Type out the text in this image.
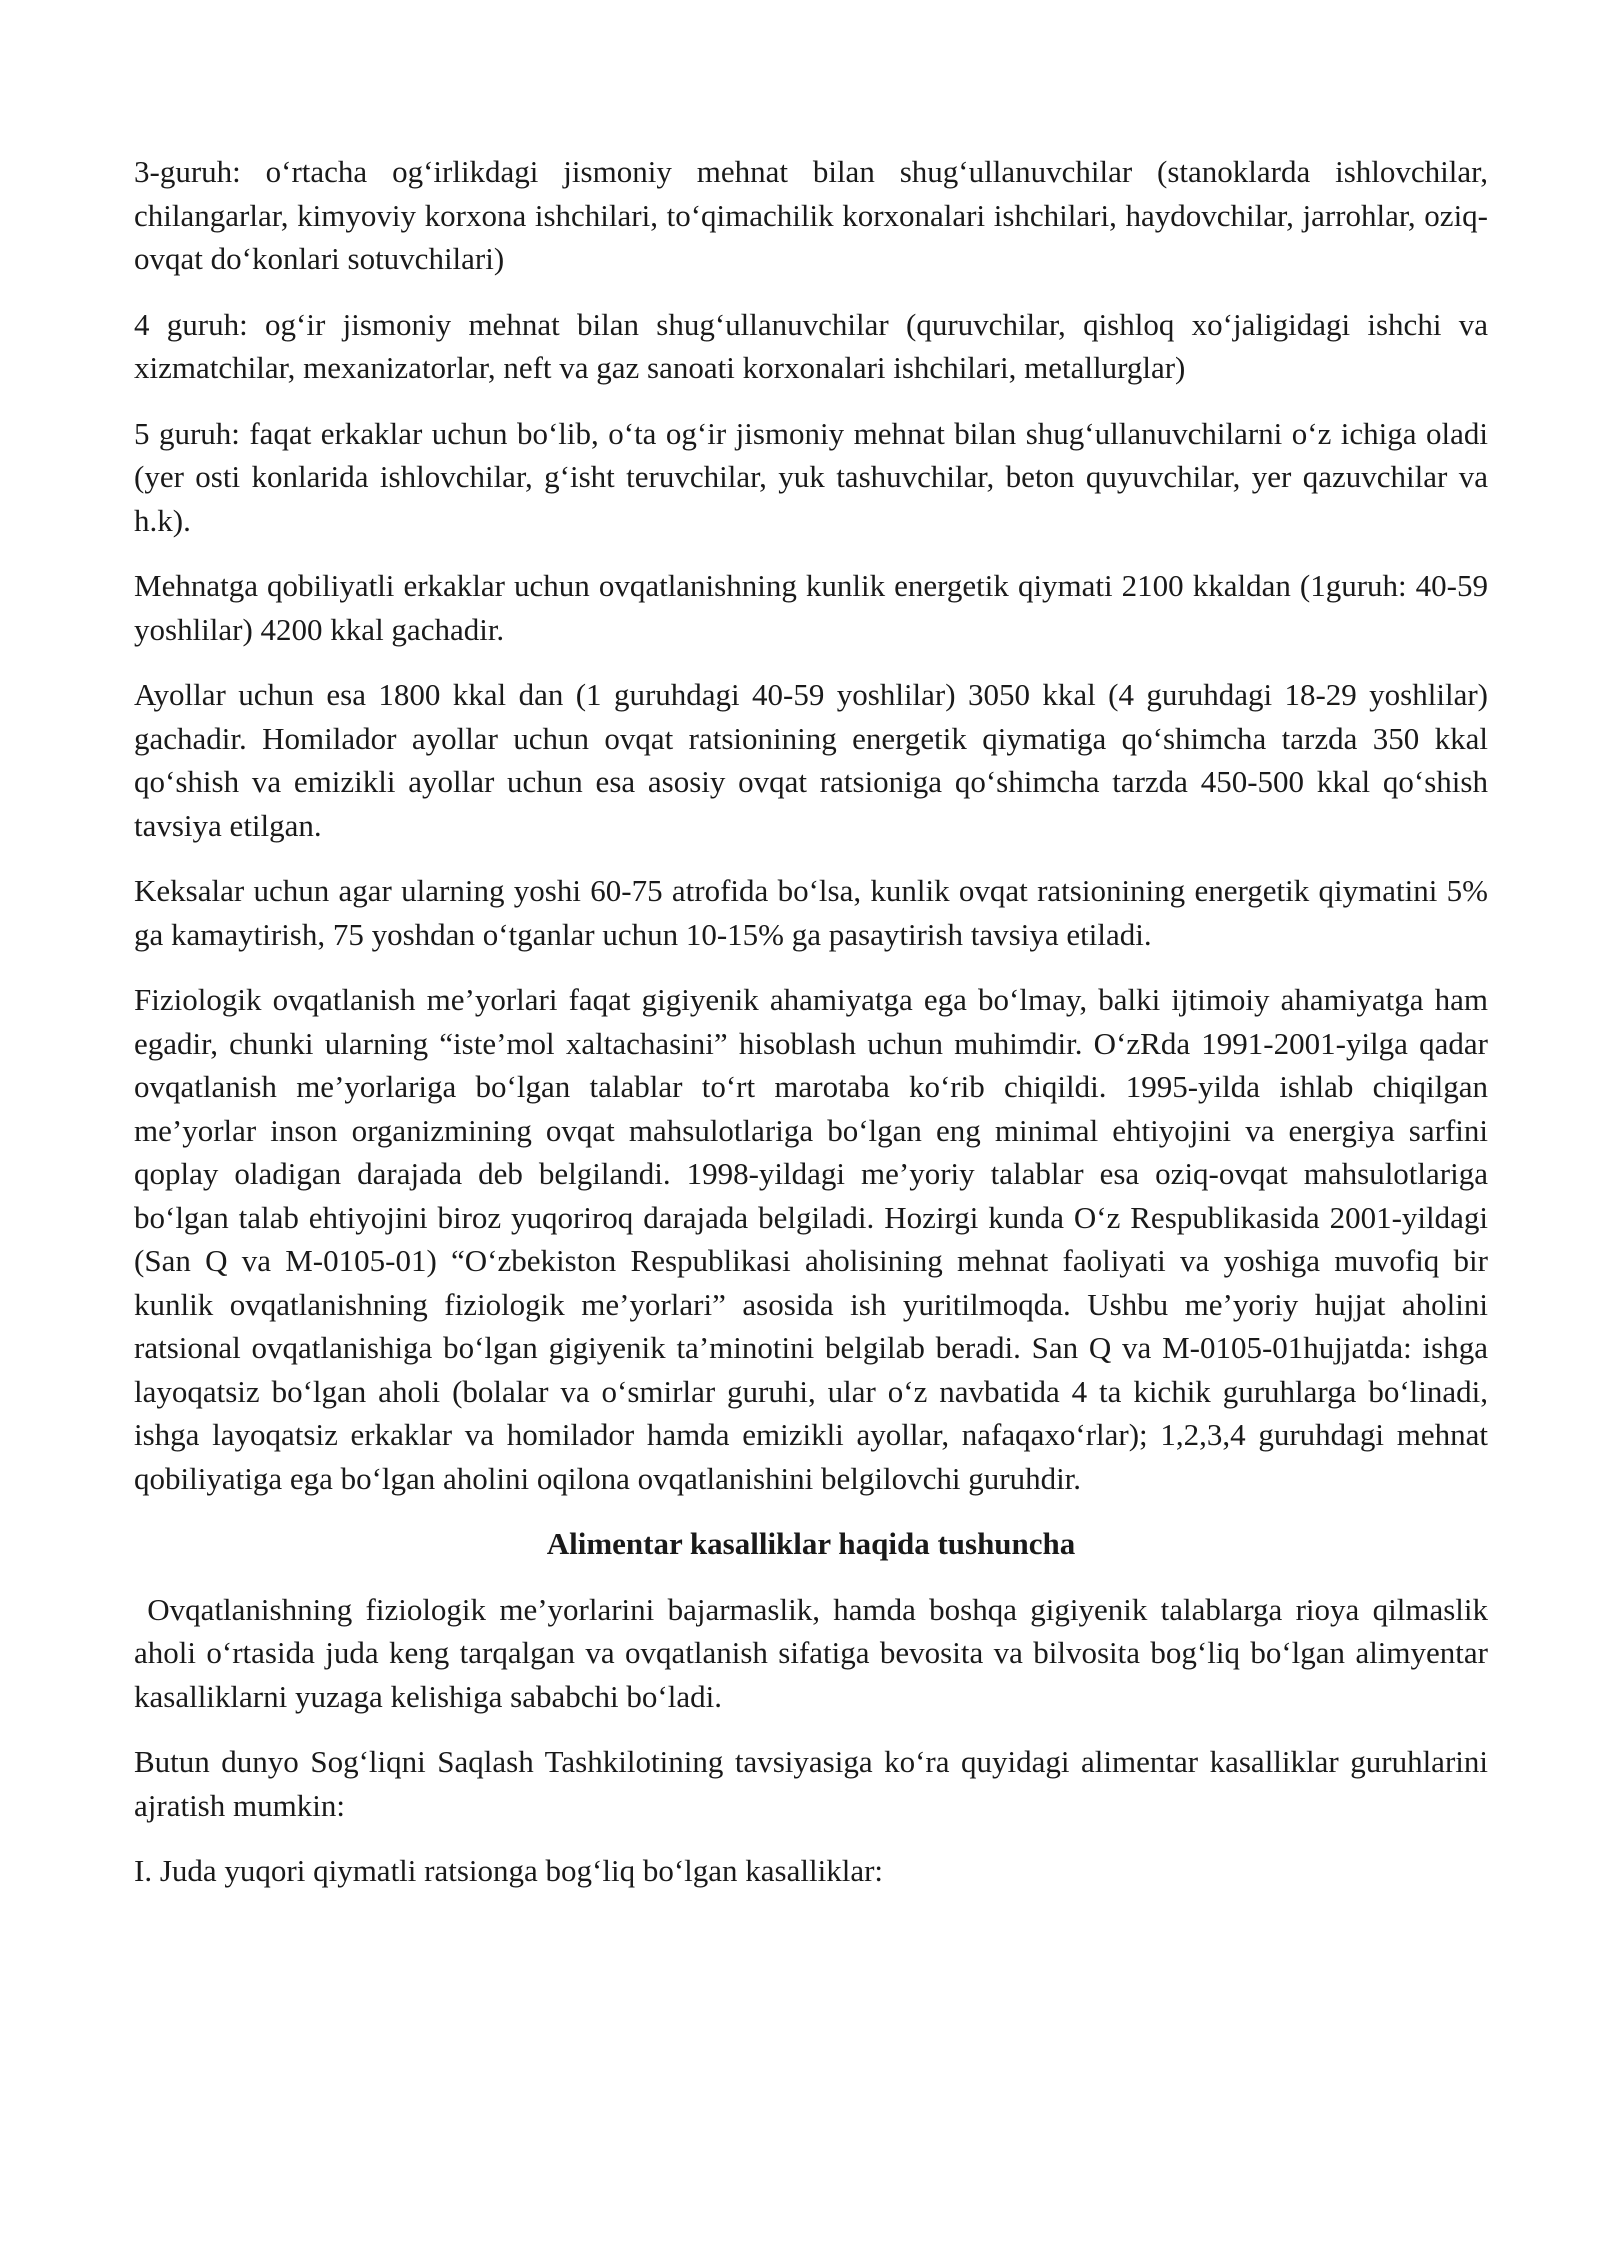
3-guruh: o‘rtacha og‘irlikdagi jismoniy mehnat bilan shug‘ullanuvchilar (stanoklarda ishlovchilar, chilangarlar, kimyoviy korxona ishchilari, to‘qimachilik korxonalari ishchilari, haydovchilar, jarrohlar, oziq-ovqat do‘konlari sotuvchilari)

4 guruh: og‘ir jismoniy mehnat bilan shug‘ullanuvchilar (quruvchilar, qishloq xo‘jaligidagi ishchi va xizmatchilar, mexanizatorlar, neft va gaz sanoati korxonalari ishchilari, metallurglar)

5 guruh: faqat erkaklar uchun bo‘lib, o‘ta og‘ir jismoniy mehnat bilan shug‘ullanuvchilarni o‘z ichiga oladi (yer osti konlarida ishlovchilar, g‘isht teruvchilar, yuk tashuvchilar, beton quyuvchilar, yer qazuvchilar va h.k).

Mehnatga qobiliyatli erkaklar uchun ovqatlanishning kunlik energetik qiymati 2100 kkaldan (1guruh: 40-59 yoshlilar) 4200 kkal gachadir.

Ayollar uchun esa 1800 kkal dan (1 guruhdagi 40-59 yoshlilar) 3050 kkal (4 guruhdagi 18-29 yoshlilar) gachadir. Homilador ayollar uchun ovqat ratsionining energetik qiymatiga qo‘shimcha tarzda 350 kkal qo‘shish va emizikli ayollar uchun esa asosiy ovqat ratsioniga qo‘shimcha tarzda 450-500 kkal qo‘shish tavsiya etilgan.

Keksalar uchun agar ularning yoshi 60-75 atrofida bo‘lsa, kunlik ovqat ratsionining energetik qiymatini 5% ga kamaytirish, 75 yoshdan o‘tganlar uchun 10-15% ga pasaytirish tavsiya etiladi.

Fiziologik ovqatlanish me’yorlari faqat gigiyenik ahamiyatga ega bo‘lmay, balki ijtimoiy ahamiyatga ham egadir, chunki ularning “iste’mol xaltachasini” hisoblash uchun muhimdir. O‘zRda 1991-2001-yilga qadar ovqatlanish me’yorlariga bo‘lgan talablar to‘rt marotaba ko‘rib chiqildi. 1995-yilda ishlab chiqilgan me’yorlar inson organizmining ovqat mahsulotlariga bo‘lgan eng minimal ehtiyojini va energiya sarfini qoplay oladigan darajada deb belgilandi. 1998-yildagi me’yoriy talablar esa oziq-ovqat mahsulotlariga bo‘lgan talab ehtiyojini biroz yuqoriroq darajada belgiladi. Hozirgi kunda O‘z Respublikasida 2001-yildagi (San Q va M-0105-01) “O‘zbekiston Respublikasi aholisining mehnat faoliyati va yoshiga muvofiq bir kunlik ovqatlanishning fiziologik me’yorlari” asosida ish yuritilmoqda. Ushbu me’yoriy hujjat aholini ratsional ovqatlanishiga bo‘lgan gigiyenik ta’minotini belgilab beradi. San Q va M-0105-01hujjatda: ishga layoqatsiz bo‘lgan aholi (bolalar va o‘smirlar guruhi, ular o‘z navbatida 4 ta kichik guruhlarga bo‘linadi, ishga layoqatsiz erkaklar va homilador hamda emizikli ayollar, nafaqaxo‘rlar); 1,2,3,4 guruhdagi mehnat qobiliyatiga ega bo‘lgan aholini oqilona ovqatlanishini belgilovchi guruhdir.

Alimentar kasalliklar haqida tushuncha

Ovqatlanishning fiziologik me’yorlarini bajarmaslik, hamda boshqa gigiyenik talablarga rioya qilmaslik aholi o‘rtasida juda keng tarqalgan va ovqatlanish sifatiga bevosita va bilvosita bog‘liq bo‘lgan alimyentar kasalliklarni yuzaga kelishiga sababchi bo‘ladi.

Butun dunyo Sog‘liqni Saqlash Tashkilotining tavsiyasiga ko‘ra quyidagi alimentar kasalliklar guruhlarini ajratish mumkin:

I. Juda yuqori qiymatli ratsionga bog‘liq bo‘lgan kasalliklar:
